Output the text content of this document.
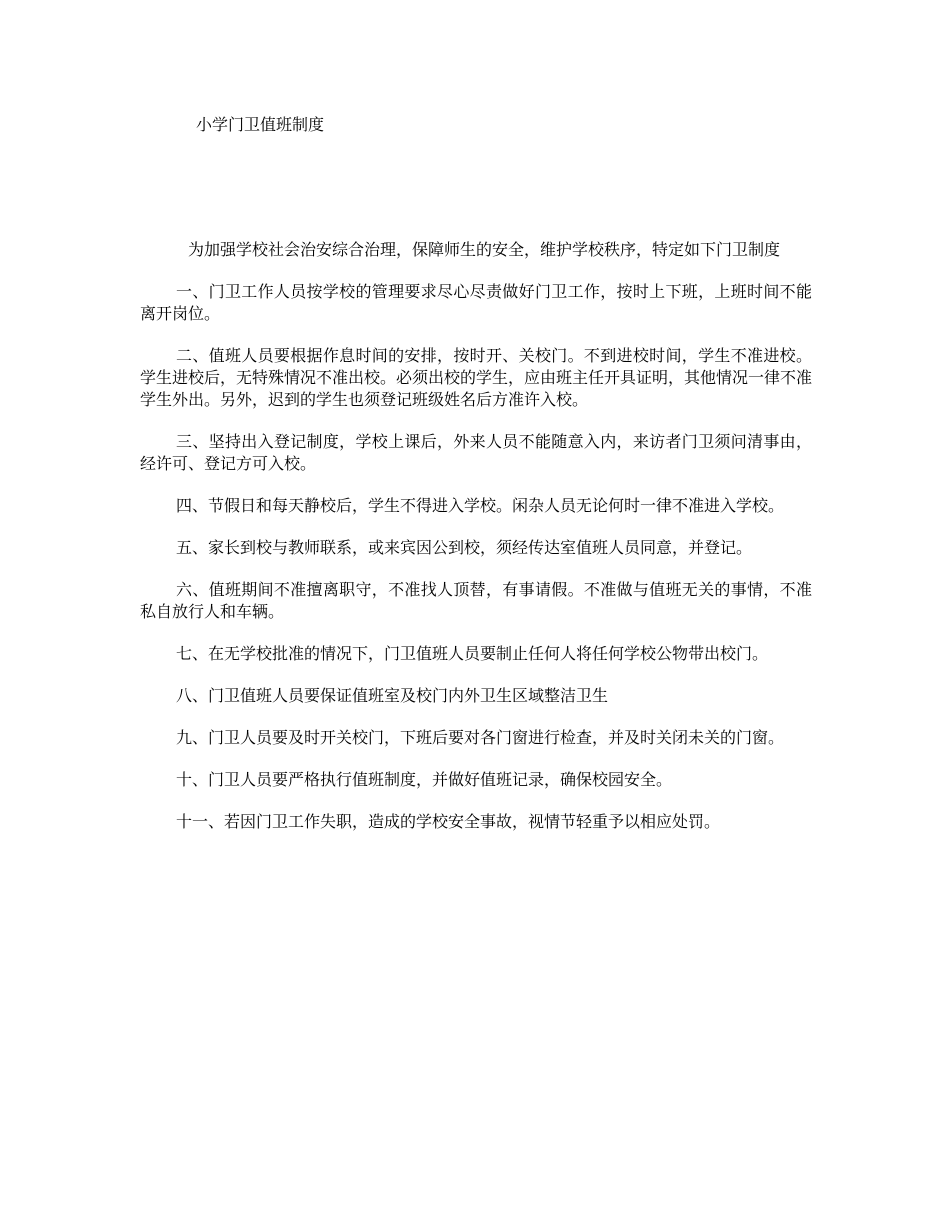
小学门卫值班制度

为加强学校社会治安综合治理，保障师生的安全，维护学校秩序，特定如下门卫制度

一、门卫工作人员按学校的管理要求尽心尽责做好门卫工作，按时上下班，上班时间不能离开岗位。

二、值班人员要根据作息时间的安排，按时开、关校门。不到进校时间，学生不准进校。学生进校后，无特殊情况不准出校。必须出校的学生，应由班主任开具证明，其他情况一律不准学生外出。另外，迟到的学生也须登记班级姓名后方准许入校。

三、坚持出入登记制度，学校上课后，外来人员不能随意入内，来访者门卫须问清事由，经许可、登记方可入校。

四、节假日和每天静校后，学生不得进入学校。闲杂人员无论何时一律不准进入学校。

五、家长到校与教师联系，或来宾因公到校，须经传达室值班人员同意，并登记。

六、值班期间不准擅离职守，不准找人顶替，有事请假。不准做与值班无关的事情，不准私自放行人和车辆。

七、在无学校批准的情况下，门卫值班人员要制止任何人将任何学校公物带出校门。

八、门卫值班人员要保证值班室及校门内外卫生区域整洁卫生

九、门卫人员要及时开关校门，下班后要对各门窗进行检查，并及时关闭未关的门窗。

十、门卫人员要严格执行值班制度，并做好值班记录，确保校园安全。

十一、若因门卫工作失职，造成的学校安全事故，视情节轻重予以相应处罚。
